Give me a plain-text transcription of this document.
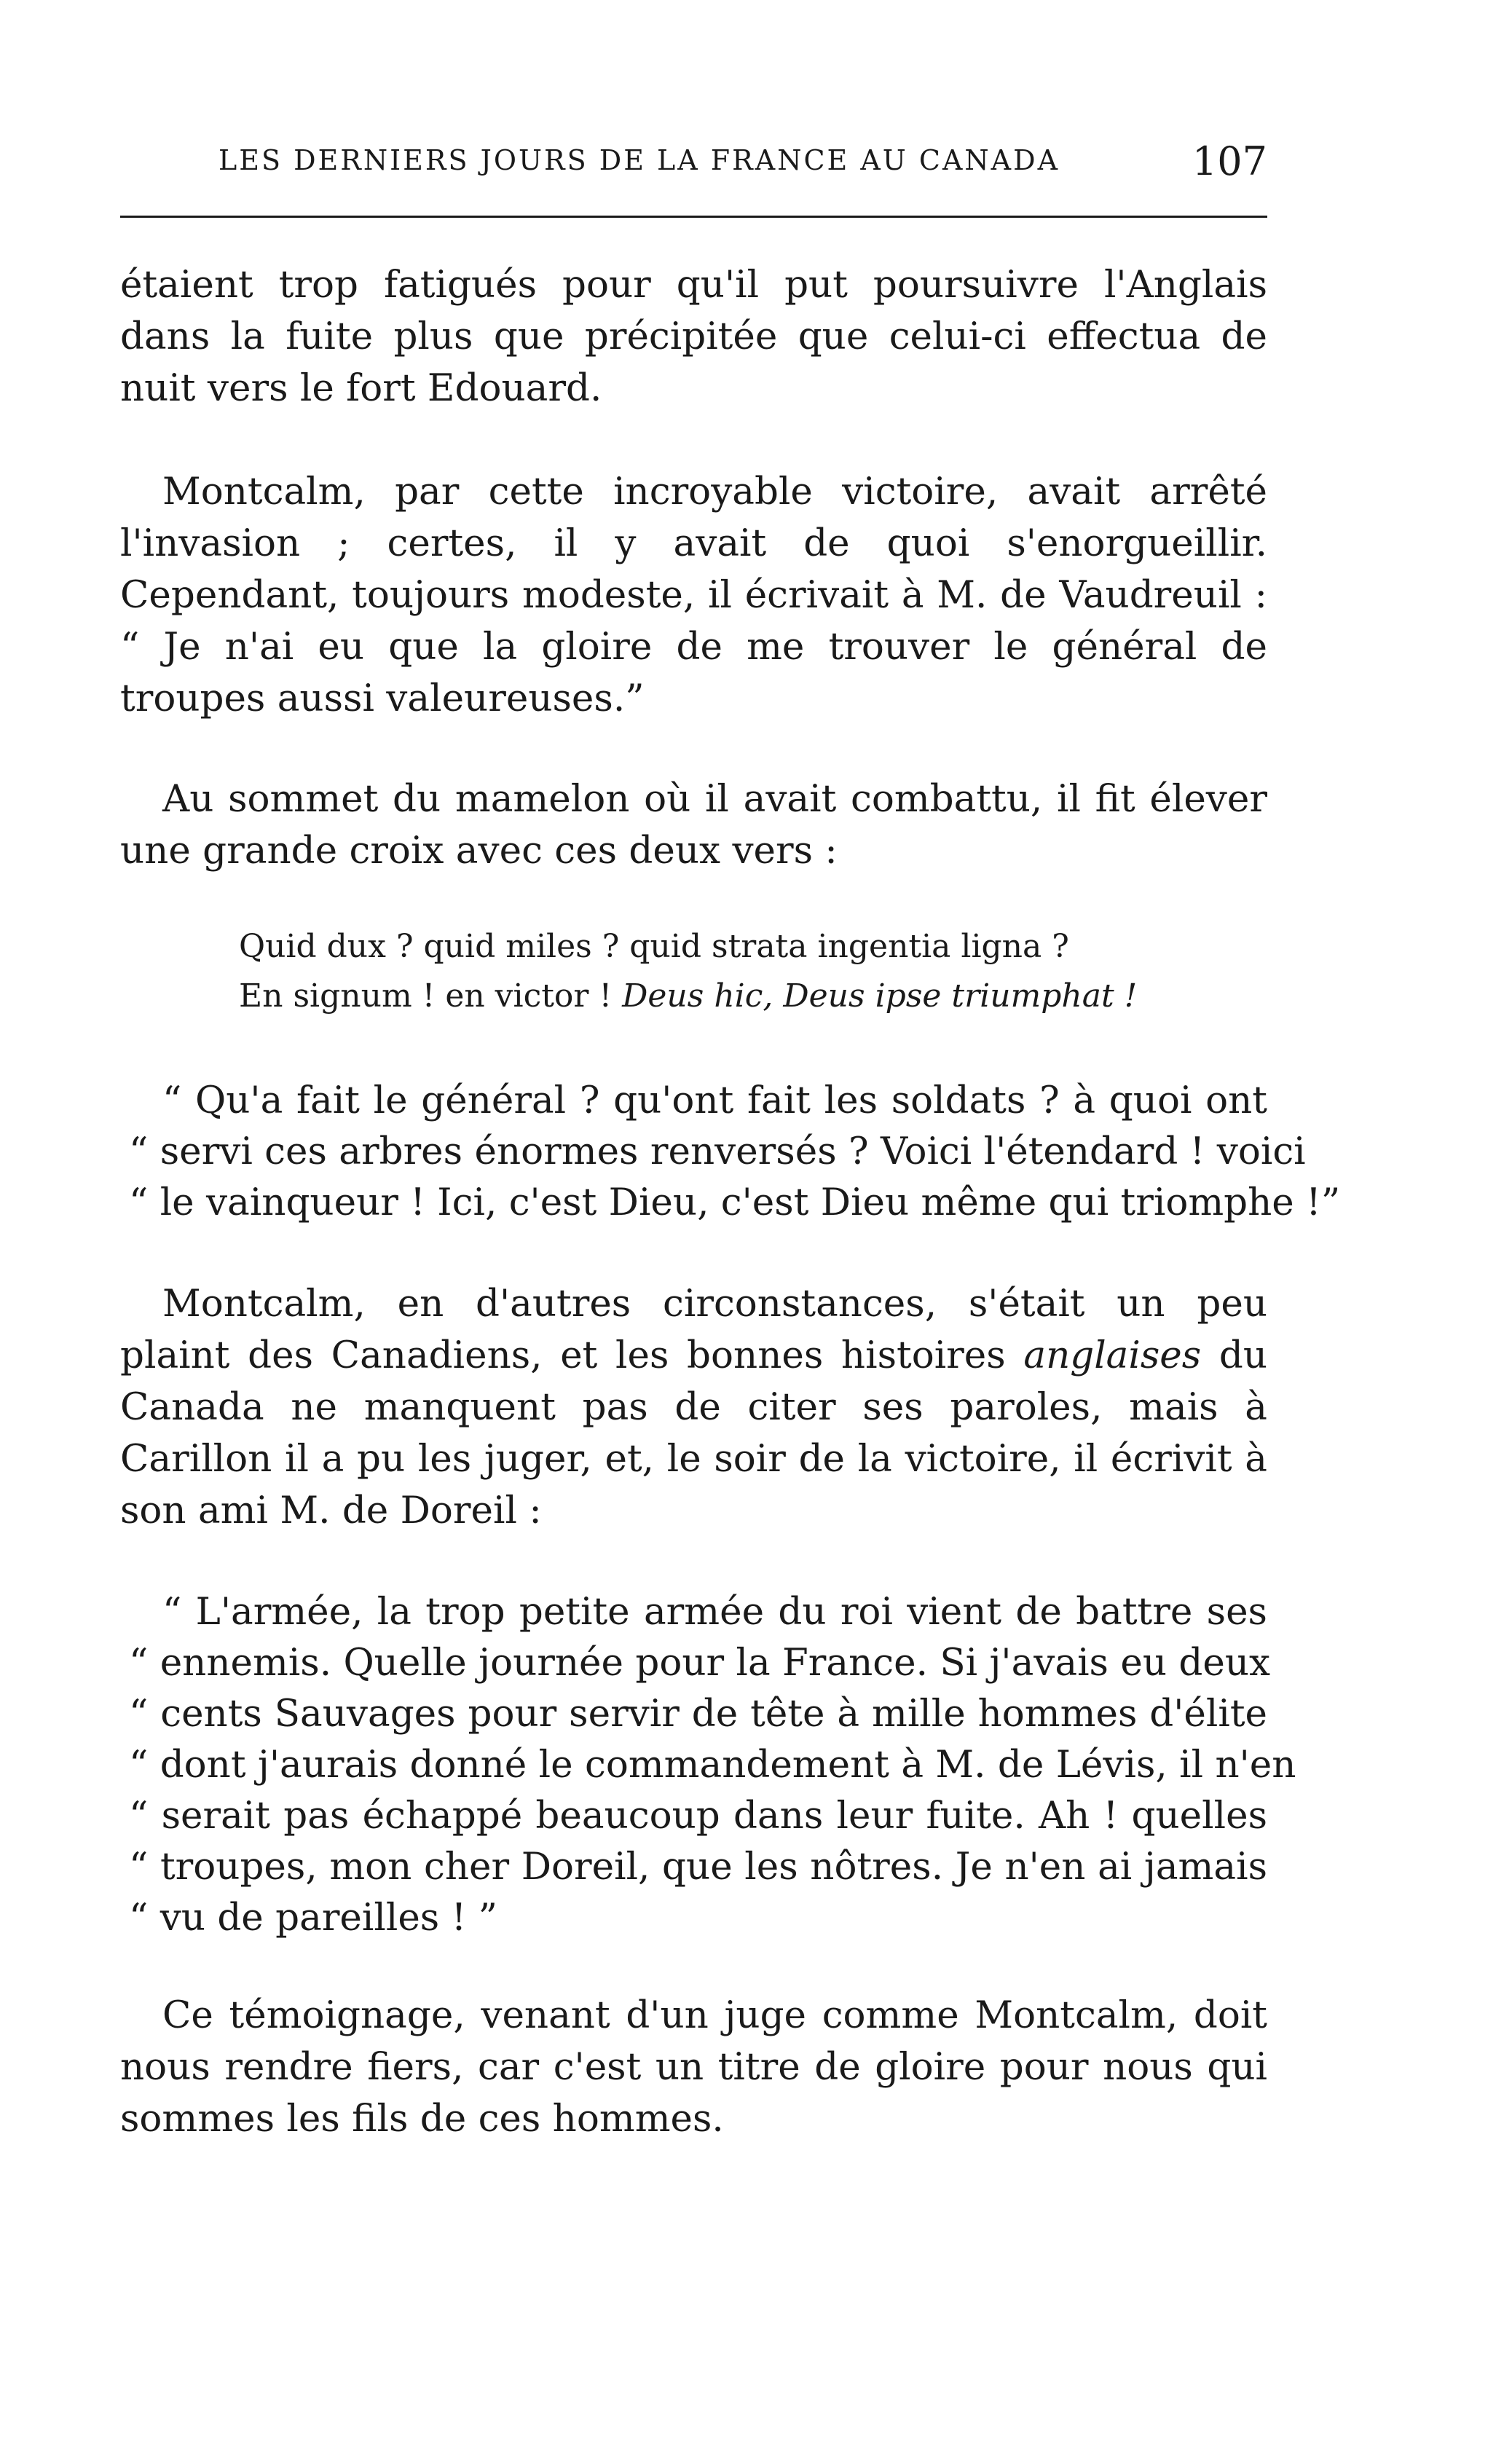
LES DERNIERS JOURS DE LA FRANCE AU CANADA	107

étaient trop fatigués pour qu'il put poursuivre l'Anglais dans la fuite plus que précipitée que celui-ci effectua de nuit vers le fort Edouard.

Montcalm, par cette incroyable victoire, avait arrêté l'invasion ; certes, il y avait de quoi s'enorgueillir. Cependant, toujours modeste, il écrivait à M. de Vaudreuil : “ Je n'ai eu que la gloire de me trouver le général de troupes aussi valeureuses.”

Au sommet du mamelon où il avait combattu, il fit élever une grande croix avec ces deux vers :

Quid dux ? quid miles ? quid strata ingentia ligna ?
En signum ! en victor ! Deus hic, Deus ipse triumphat !
“ Qu'a fait le général ? qu'ont fait les soldats ? à quoi ont
“ servi ces arbres énormes renversés ? Voici l'étendard ! voici
“ le vainqueur ! Ici, c'est Dieu, c'est Dieu même qui triomphe !”

Montcalm, en d'autres circonstances, s'était un peu plaint des Canadiens, et les bonnes histoires anglaises du Canada ne manquent pas de citer ses paroles, mais à Carillon il a pu les juger, et, le soir de la victoire, il écrivit à son ami M. de Doreil :

“ L'armée, la trop petite armée du roi vient de battre ses
“ ennemis. Quelle journée pour la France. Si j'avais eu deux
“ cents Sauvages pour servir de tête à mille hommes d'élite
“ dont j'aurais donné le commandement à M. de Lévis, il n'en
“ serait pas échappé beaucoup dans leur fuite. Ah ! quelles
“ troupes, mon cher Doreil, que les nôtres. Je n'en ai jamais
“ vu de pareilles ! ”

Ce témoignage, venant d'un juge comme Montcalm, doit nous rendre fiers, car c'est un titre de gloire pour nous qui sommes les fils de ces hommes.
